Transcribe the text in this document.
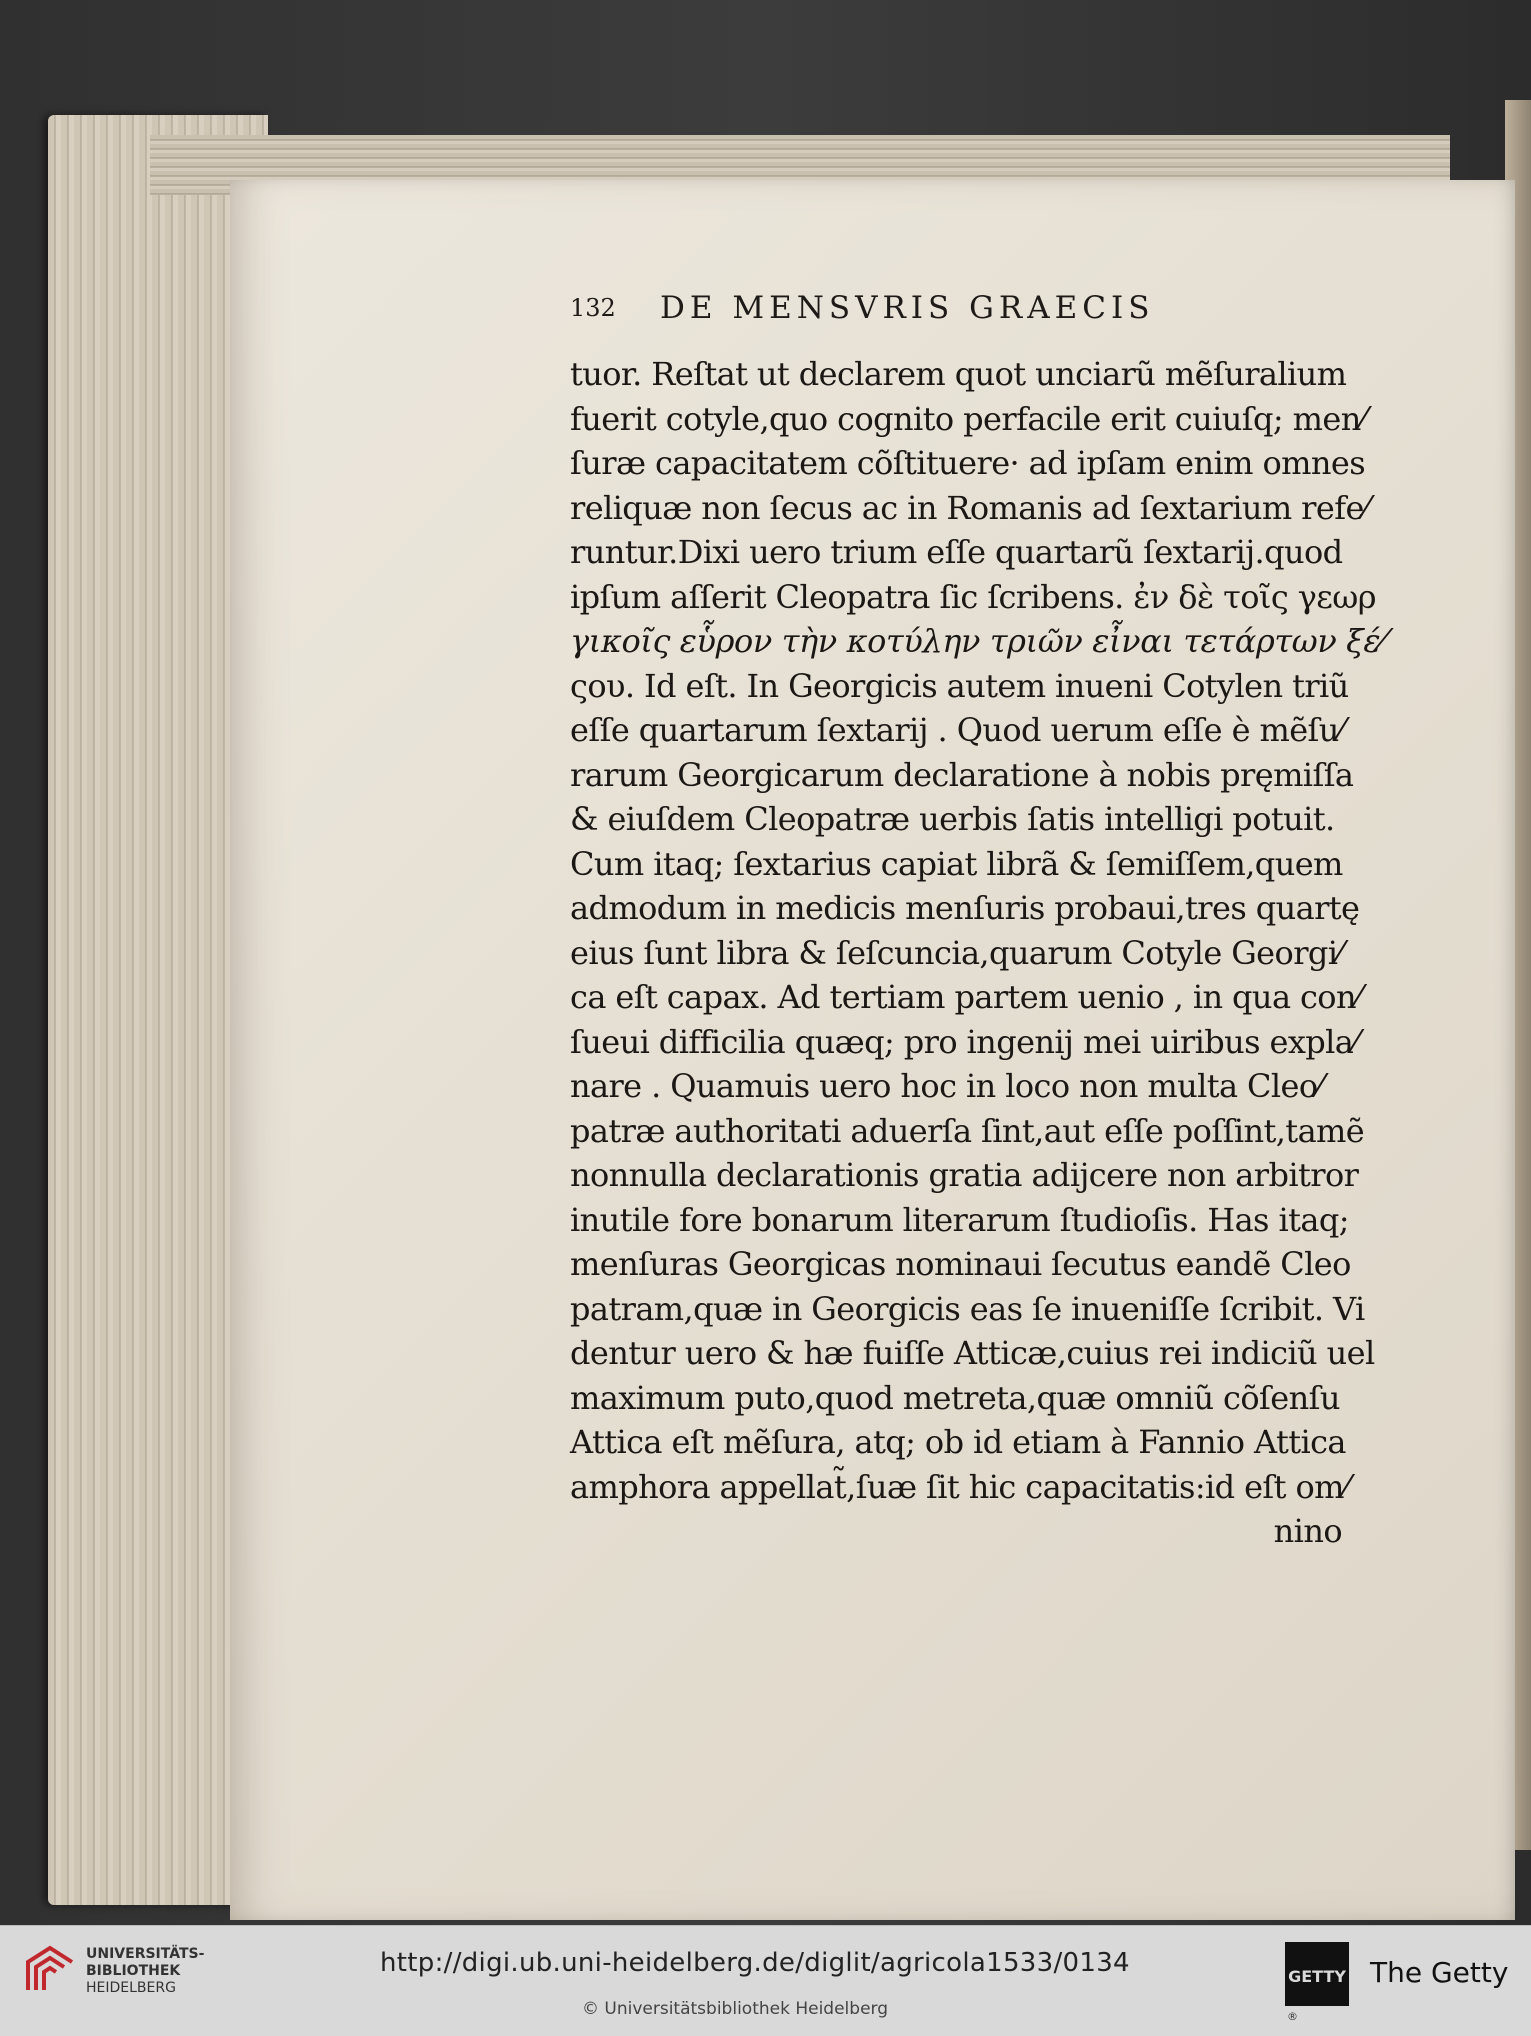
132 DE MENSVRIS GRAECIS
tuor. Reſtat ut declarem quot unciarũ mẽſuralium
fuerit cotyle,quo cognito perfacile erit cuiuſq; men⁄
ſuræ capacitatem cõſtituere· ad ipſam enim omnes
reliquæ non ſecus ac in Romanis ad ſextarium refe⁄
runtur.Dixi uero trium eſſe quartarũ ſextarij.quod
ipſum aſſerit Cleopatra ſic ſcribens. ἐν δὲ τοῖς γεωρ
γικοῖς εὗρον τὴν κοτύλην τριῶν εἶναι τετάρτων ξέ⁄
ςου. Id eſt. In Georgicis autem inueni Cotylen triũ
eſſe quartarum ſextarij . Quod uerum eſſe è mẽſu⁄
rarum Georgicarum declaratione à nobis pręmiſſa
& eiuſdem Cleopatræ uerbis ſatis intelligi potuit.
Cum itaq; ſextarius capiat librã & ſemiſſem,quem
admodum in medicis menſuris probaui,tres quartę
eius ſunt libra & ſeſcuncia,quarum Cotyle Georgi⁄
ca eſt capax. Ad tertiam partem uenio , in qua con⁄
ſueui difficilia quæq; pro ingenij mei uiribus expla⁄
nare . Quamuis uero hoc in loco non multa Cleo⁄
patræ authoritati aduerſa ſint,aut eſſe poſſint,tamẽ
nonnulla declarationis gratia adijcere non arbitror
inutile fore bonarum literarum ſtudioſis. Has itaq;
menſuras Georgicas nominaui ſecutus eandẽ Cleo
patram,quæ in Georgicis eas ſe inueniſſe ſcribit. Vi
dentur uero & hæ fuiſſe Atticæ,cuius rei indiciũ uel
maximum puto,quod metreta,quæ omniũ cõſenſu
Attica eſt mẽſura, atq; ob id etiam à Fannio Attica
amphora appellat̃,ſuæ ſit hic capacitatis:id eſt om⁄
nino
UNIVERSITÄTS-
BIBLIOTHEK
HEIDELBERG
http://digi.ub.uni-heidelberg.de/diglit/agricola1533/0134
© Universitätsbibliothek Heidelberg
GETTY The Getty
®
